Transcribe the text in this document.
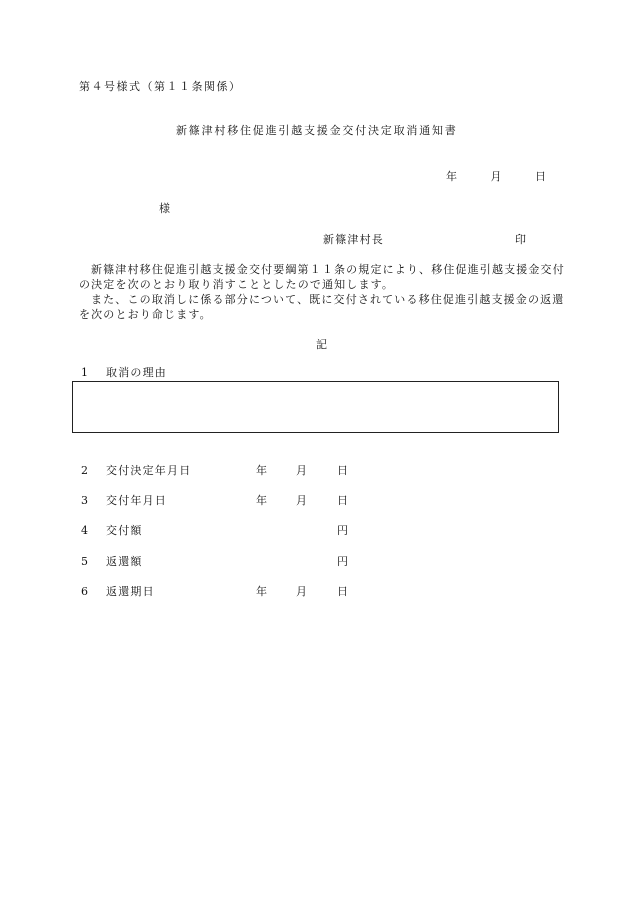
第４号様式（第１１条関係）
新篠津村移住促進引越支援金交付決定取消通知書
年	月	日
様
新篠津村長	印

新篠津村移住促進引越支援金交付要綱第１１条の規定により、移住促進引越支援金交付の決定を次のとおり取り消すこととしたので通知します。

また、この取消しに係る部分について、既に交付されている移住促進引越支援金の返還を次のとおり命じます。

記
1	取消の理由
2	交付決定年月日	年	月	日
3	交付年月日	年	月	日
4	交付額	円
5	返還額	円
6	返還期日	年	月	日
